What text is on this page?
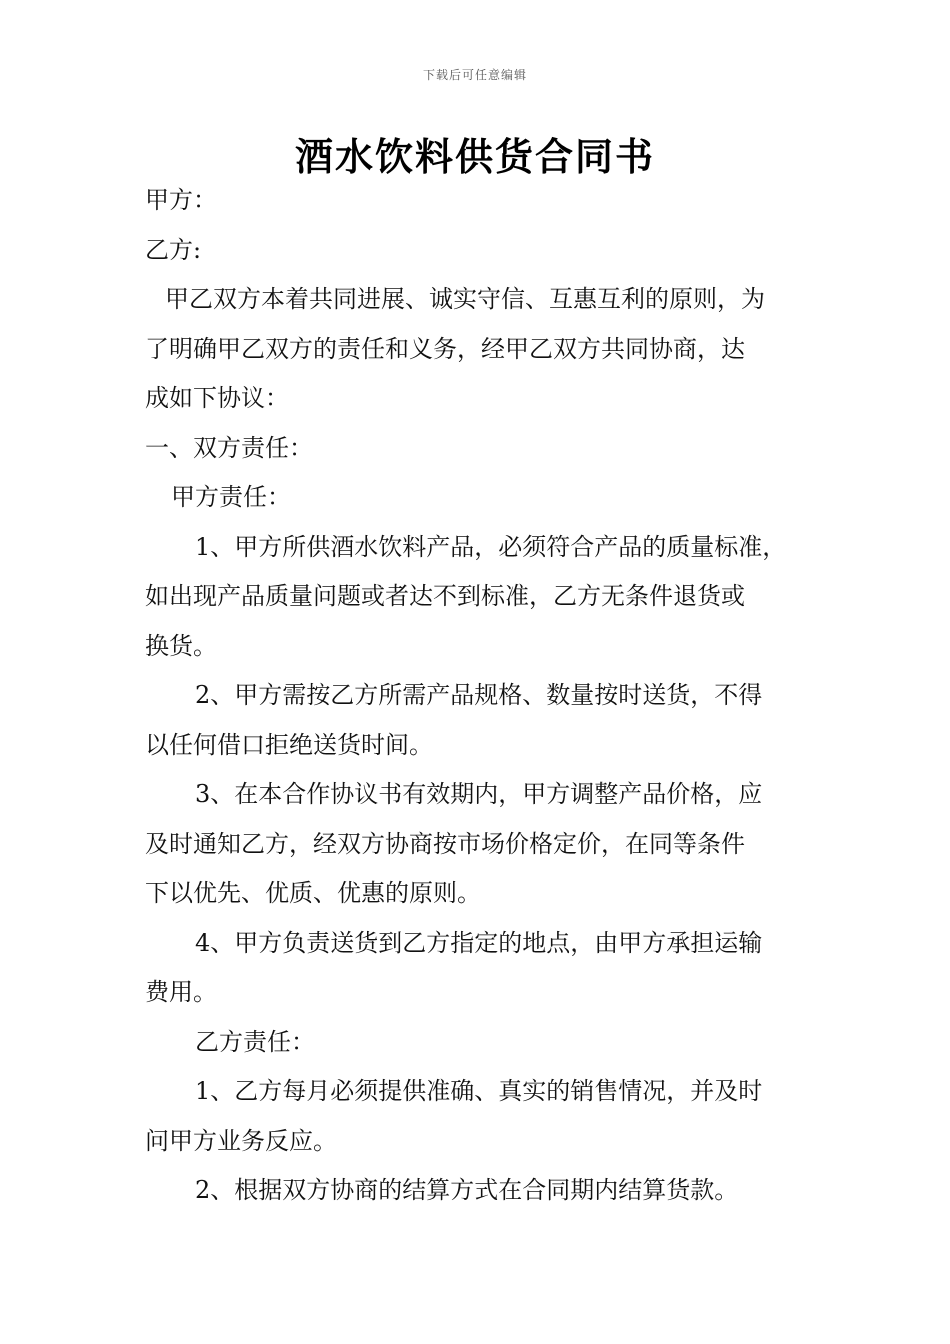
下载后可任意编辑
酒水饮料供货合同书
甲方：
乙方:
甲乙双方本着共同进展、诚实守信、互惠互利的原则，为
了明确甲乙双方的责任和义务，经甲乙双方共同协商，达
成如下协议：
一、双方责任：
甲方责任：
1、甲方所供酒水饮料产品，必须符合产品的质量标准，
如出现产品质量问题或者达不到标准，乙方无条件退货或
换货。
2、甲方需按乙方所需产品规格、数量按时送货，不得
以任何借口拒绝送货时间。
3、在本合作协议书有效期内，甲方调整产品价格，应
及时通知乙方，经双方协商按市场价格定价，在同等条件
下以优先、优质、优惠的原则。
4、甲方负责送货到乙方指定的地点，由甲方承担运输
费用。
乙方责任：
1、乙方每月必须提供准确、真实的销售情况，并及时
问甲方业务反应。
2、根据双方协商的结算方式在合同期内结算货款。
